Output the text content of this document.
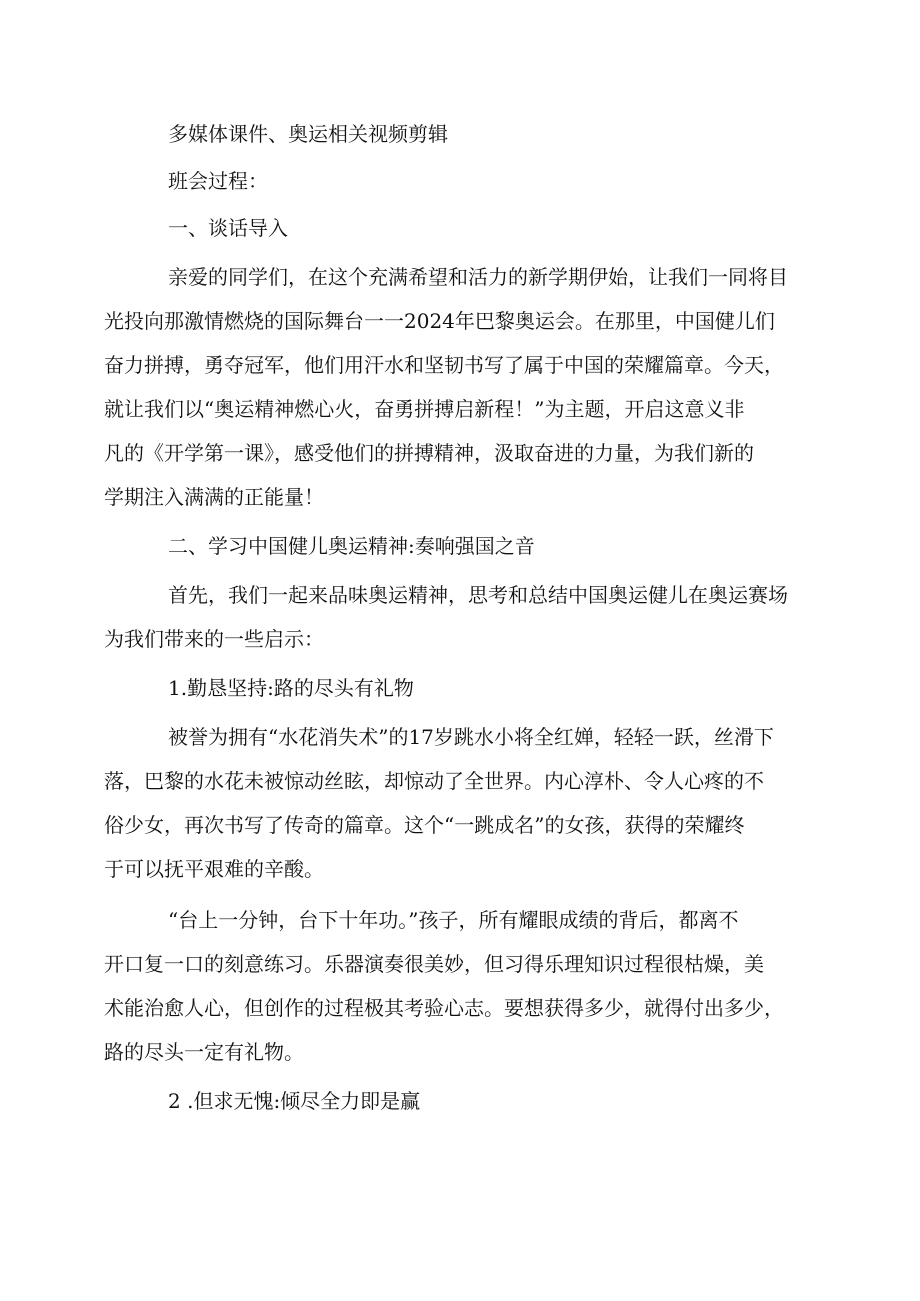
多媒体课件、奥运相关视频剪辑

班会过程：

一、谈话导入

亲爱的同学们，在这个充满希望和活力的新学期伊始，让我们一同将目

光投向那激情燃烧的国际舞台一一2024年巴黎奥运会。在那里，中国健儿们

奋力拼搏，勇夺冠军，他们用汗水和坚韧书写了属于中国的荣耀篇章。今天，

就让我们以“奥运精神燃心火，奋勇拼搏启新程！”为主题，开启这意义非

凡的《开学第一课》，感受他们的拼搏精神，汲取奋进的力量，为我们新的

学期注入满满的正能量！

二、学习中国健儿奥运精神:奏响强国之音

首先，我们一起来品味奥运精神，思考和总结中国奥运健儿在奥运赛场

为我们带来的一些启示：

1.勤恳坚持:路的尽头有礼物

被誉为拥有“水花消失术”的17岁跳水小将全红婵，轻轻一跃，丝滑下

落，巴黎的水花未被惊动丝眩，却惊动了全世界。内心淳朴、令人心疼的不

俗少女，再次书写了传奇的篇章。这个“一跳成名”的女孩，获得的荣耀终

于可以抚平艰难的辛酸。

“台上一分钟，台下十年功。”孩子，所有耀眼成绩的背后，都离不

开口复一口的刻意练习。乐器演奏很美妙，但习得乐理知识过程很枯燥，美

术能治愈人心，但创作的过程极其考验心志。要想获得多少，就得付出多少，

路的尽头一定有礼物。

2 .但求无愧:倾尽全力即是赢
